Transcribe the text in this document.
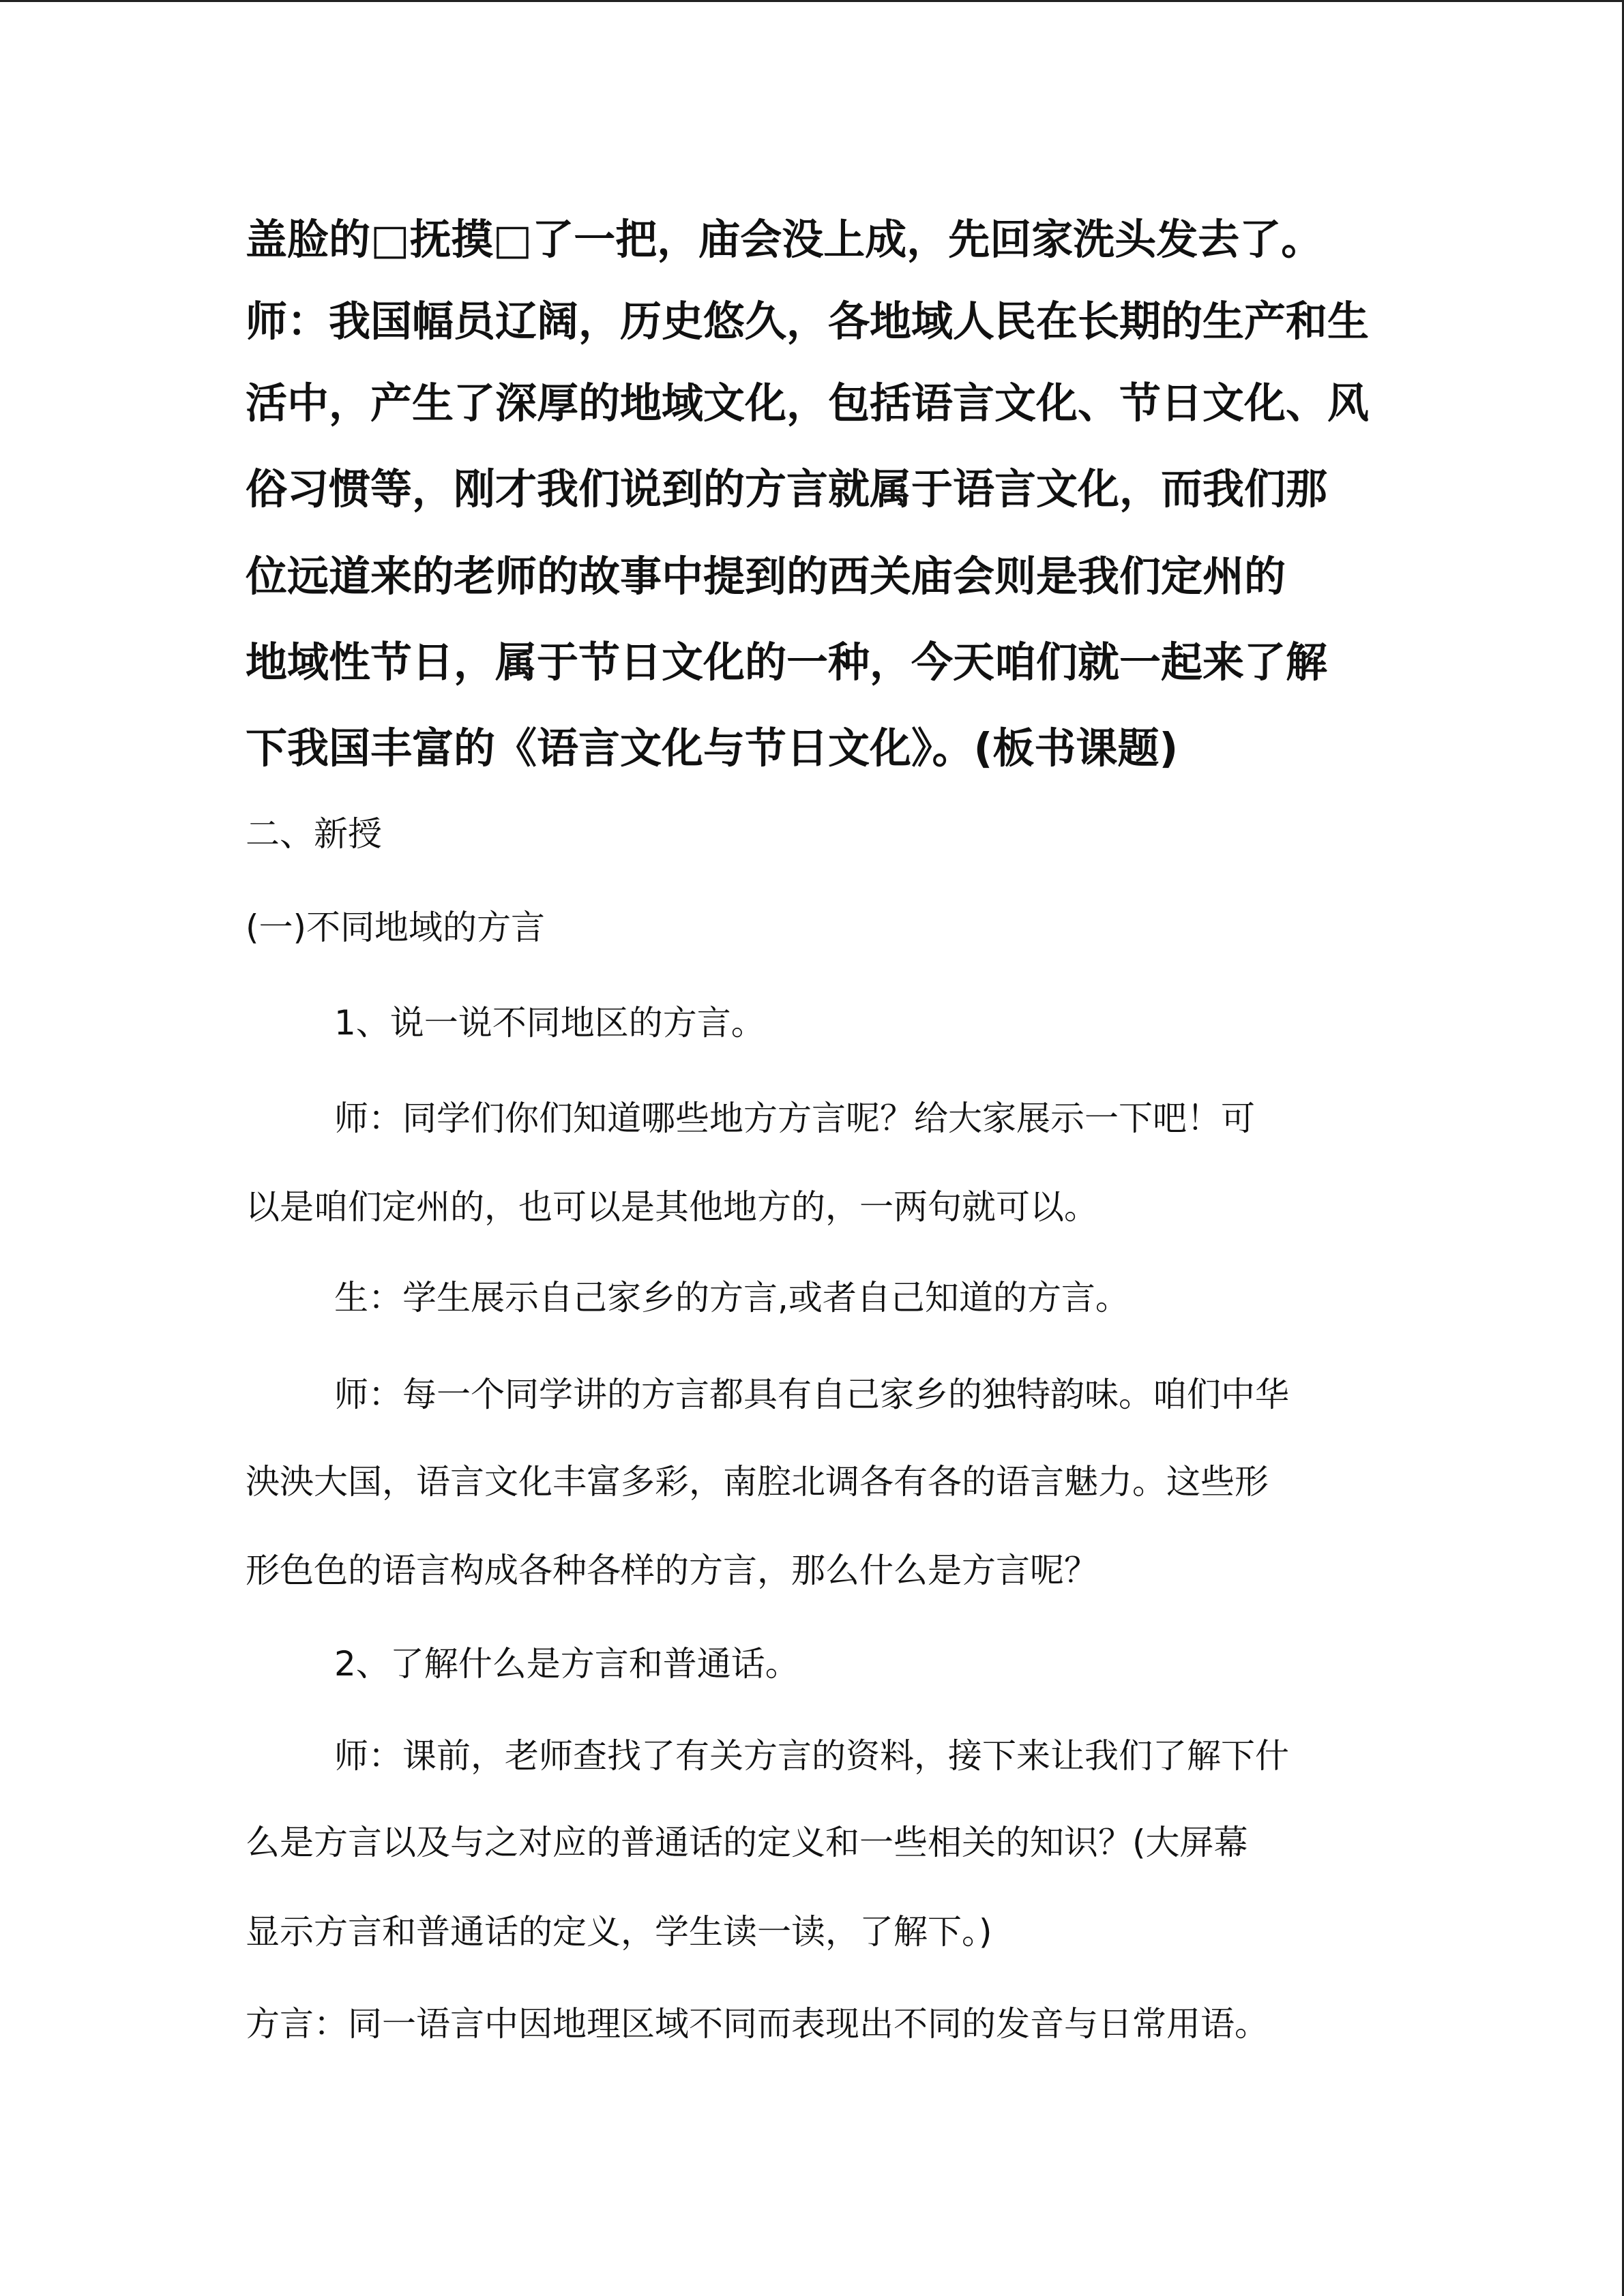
盖脸的□抚摸□了一把，庙会没上成，先回家洗头发去了。
师：我国幅员辽阔，历史悠久，各地域人民在长期的生产和生
活中，产生了深厚的地域文化，包括语言文化、节日文化、风
俗习惯等，刚才我们说到的方言就属于语言文化，而我们那
位远道来的老师的故事中提到的西关庙会则是我们定州的
地域性节日，属于节日文化的一种，今天咱们就一起来了解
下我国丰富的《语言文化与节日文化》。(板书课题)
二、新授
(一)不同地域的方言
1、说一说不同地区的方言。
师：同学们你们知道哪些地方方言呢？给大家展示一下吧！可
以是咱们定州的，也可以是其他地方的，一两句就可以。
生：学生展示自己家乡的方言,或者自己知道的方言。
师：每一个同学讲的方言都具有自己家乡的独特韵味。咱们中华
泱泱大国，语言文化丰富多彩，南腔北调各有各的语言魅力。这些形
形色色的语言构成各种各样的方言，那么什么是方言呢？
2、了解什么是方言和普通话。
师：课前，老师查找了有关方言的资料，接下来让我们了解下什
么是方言以及与之对应的普通话的定义和一些相关的知识？(大屏幕
显示方言和普通话的定义，学生读一读，了解下。)
方言：同一语言中因地理区域不同而表现出不同的发音与日常用语。
